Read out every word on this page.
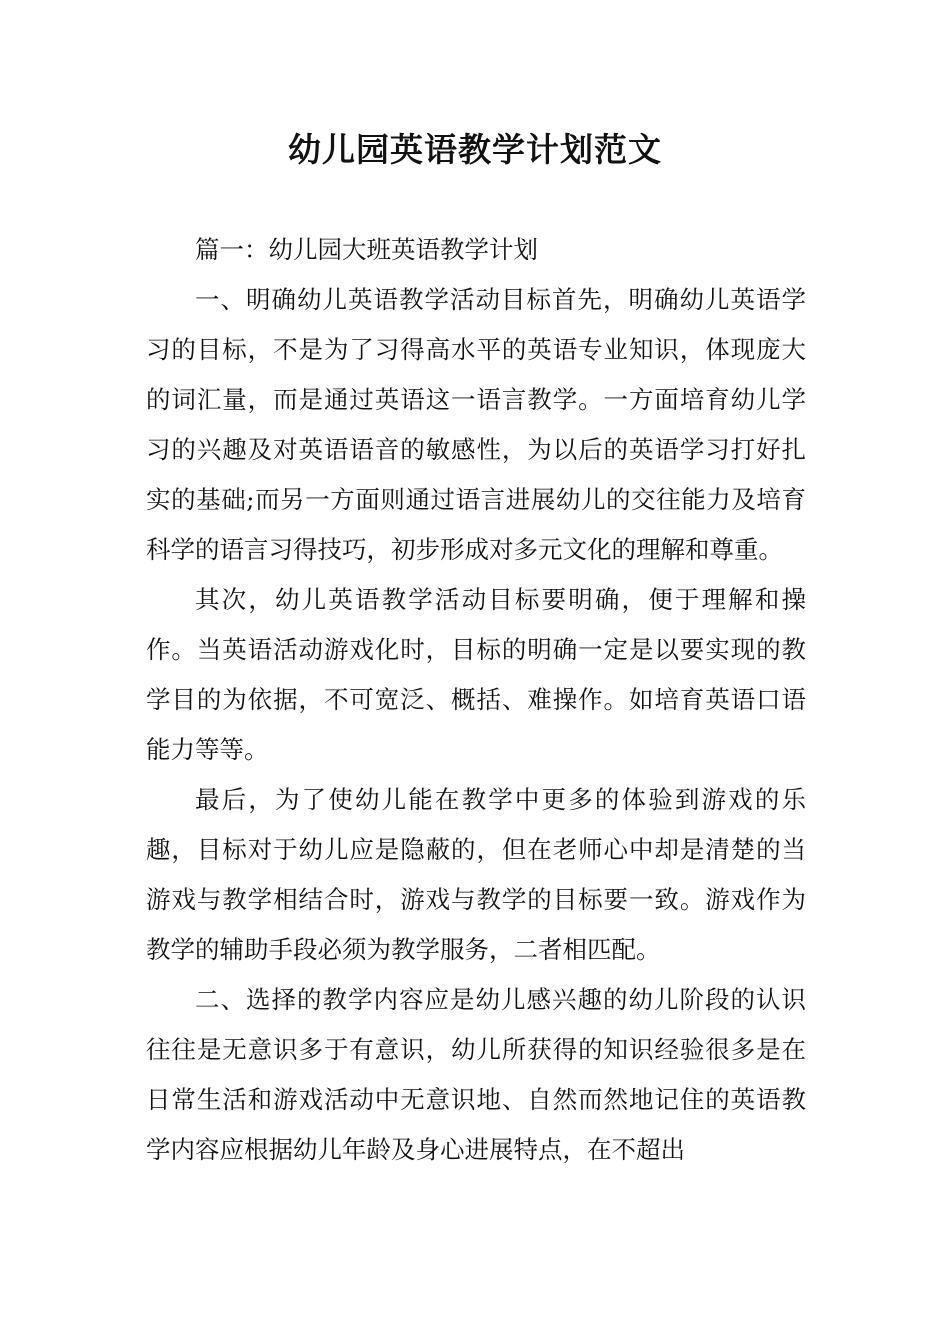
幼儿园英语教学计划范文

篇一：幼儿园大班英语教学计划

一、明确幼儿英语教学活动目标首先，明确幼儿英语学习的目标，不是为了习得高水平的英语专业知识，体现庞大的词汇量，而是通过英语这一语言教学。一方面培育幼儿学习的兴趣及对英语语音的敏感性，为以后的英语学习打好扎实的基础;而另一方面则通过语言进展幼儿的交往能力及培育科学的语言习得技巧，初步形成对多元文化的理解和尊重。

其次，幼儿英语教学活动目标要明确，便于理解和操作。当英语活动游戏化时，目标的明确一定是以要实现的教学目的为依据，不可宽泛、概括、难操作。如培育英语口语能力等等。

最后，为了使幼儿能在教学中更多的体验到游戏的乐趣，目标对于幼儿应是隐蔽的，但在老师心中却是清楚的当游戏与教学相结合时，游戏与教学的目标要一致。游戏作为教学的辅助手段必须为教学服务，二者相匹配。

二、选择的教学内容应是幼儿感兴趣的幼儿阶段的认识往往是无意识多于有意识，幼儿所获得的知识经验很多是在日常生活和游戏活动中无意识地、自然而然地记住的英语教学内容应根据幼儿年龄及身心进展特点，在不超出
